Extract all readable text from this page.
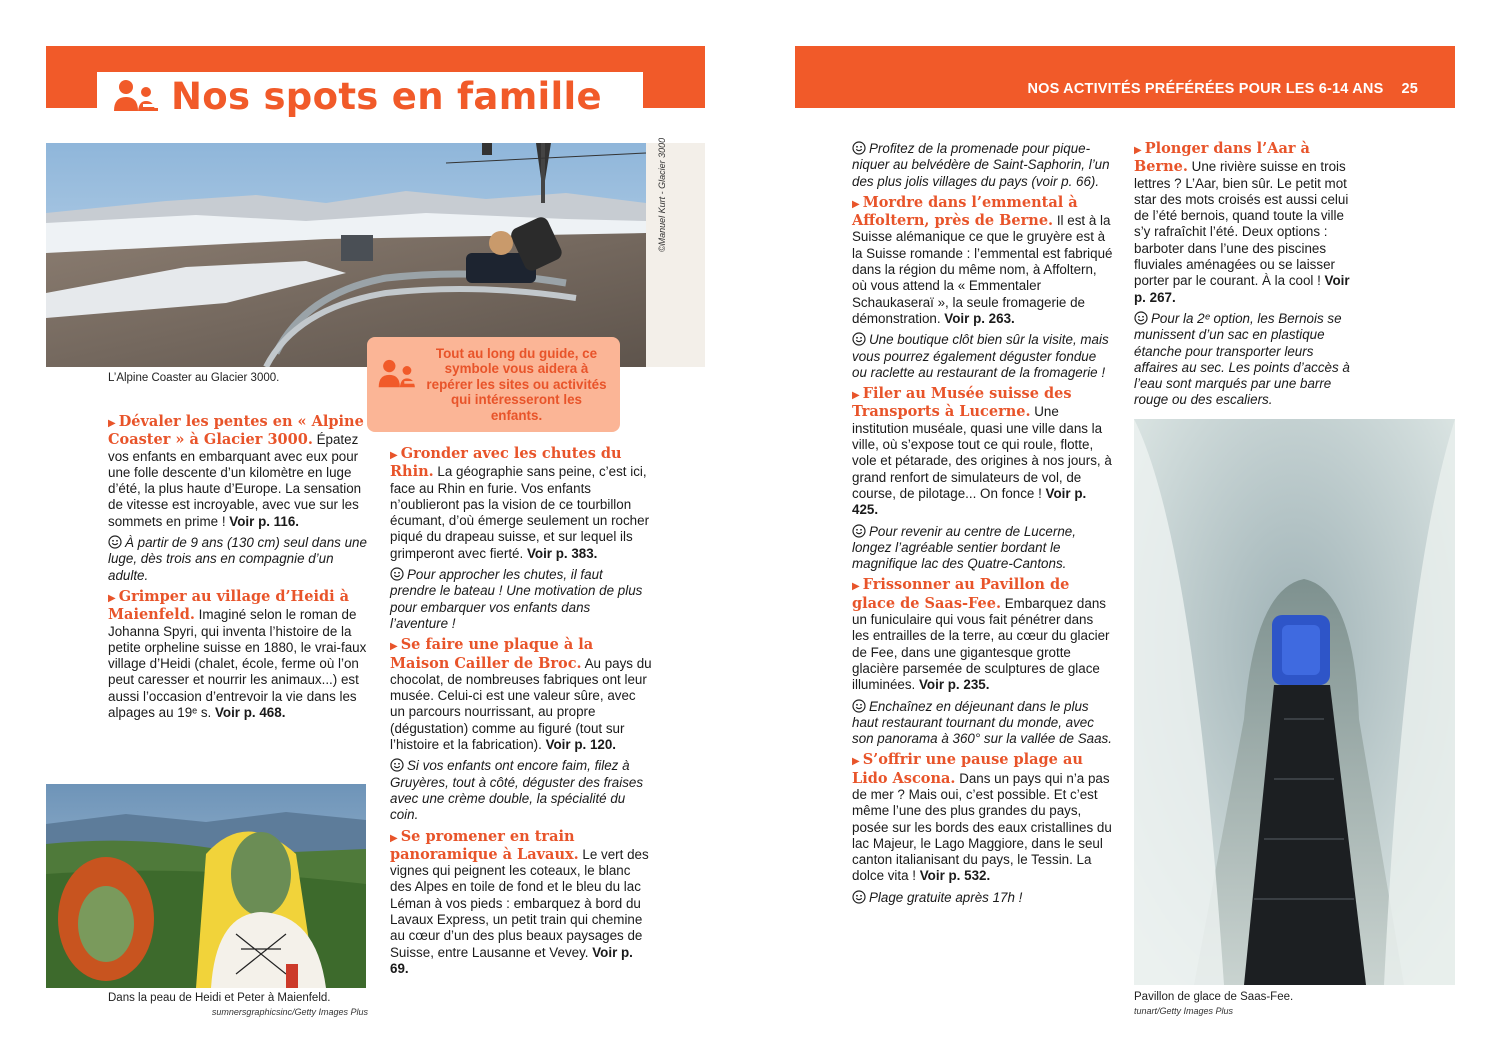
Nos spots en famille	NOS ACTIVITÉS PRÉFÉRÉES POUR LES 6-14 ANS 25
©Manuel Kurt - Glacier 3000
L’Alpine Coaster au Glacier 3000.
Tout au long du guide, ce symbole vous aidera à repérer les sites ou activités qui intéresseront les enfants.
▶ Dévaler les pentes en « Alpine Coaster » à Glacier 3000. Épatez vos enfants en embarquant avec eux pour une folle descente d’un kilomètre en luge d’été, la plus haute d’Europe. La sensation de vitesse est incroyable, avec vue sur les sommets en prime ! Voir p. 116.
À partir de 9 ans (130 cm) seul dans une luge, dès trois ans en compagnie d’un adulte.
▶ Grimper au village d’Heidi à Maienfeld. Imaginé selon le roman de Johanna Spyri, qui inventa l’histoire de la petite orpheline suisse en 1880, le vrai-faux village d’Heidi (chalet, école, ferme où l’on peut caresser et nourrir les animaux...) est aussi l’occasion d’entrevoir la vie dans les alpages au 19ᵉ s. Voir p. 468.
Dans la peau de Heidi et Peter à Maienfeld.
sumnersgraphicsinc/Getty Images Plus
▶ Gronder avec les chutes du Rhin. La géographie sans peine, c’est ici, face au Rhin en furie. Vos enfants n’oublieront pas la vision de ce tourbillon écumant, d’où émerge seulement un rocher piqué du drapeau suisse, et sur lequel ils grimperont avec fierté. Voir p. 383.
Pour approcher les chutes, il faut prendre le bateau ! Une motivation de plus pour embarquer vos enfants dans l’aventure !
▶ Se faire une plaque à la Maison Cailler de Broc. Au pays du chocolat, de nombreuses fabriques ont leur musée. Celui-ci est une valeur sûre, avec un parcours nourrissant, au propre (dégustation) comme au figuré (tout sur l’histoire et la fabrication). Voir p. 120.
Si vos enfants ont encore faim, filez à Gruyères, tout à côté, déguster des fraises avec une crème double, la spécialité du coin.
▶ Se promener en train panoramique à Lavaux. Le vert des vignes qui peignent les coteaux, le blanc des Alpes en toile de fond et le bleu du lac Léman à vos pieds : embarquez à bord du Lavaux Express, un petit train qui chemine au cœur d’un des plus beaux paysages de Suisse, entre Lausanne et Vevey. Voir p. 69.
Profitez de la promenade pour pique-niquer au belvédère de Saint-Saphorin, l’un des plus jolis villages du pays (voir p. 66).
▶ Mordre dans l’emmental à Affoltern, près de Berne. Il est à la Suisse alémanique ce que le gruyère est à la Suisse romande : l’emmental est fabriqué dans la région du même nom, à Affoltern, où vous attend la « Emmentaler Schaukaseraï », la seule fromagerie de démonstration. Voir p. 263.
Une boutique clôt bien sûr la visite, mais vous pourrez également déguster fondue ou raclette au restaurant de la fromagerie !
▶ Filer au Musée suisse des Transports à Lucerne. Une institution muséale, quasi une ville dans la ville, où s’expose tout ce qui roule, flotte, vole et pétarade, des origines à nos jours, à grand renfort de simulateurs de vol, de course, de pilotage... On fonce ! Voir p. 425.
Pour revenir au centre de Lucerne, longez l’agréable sentier bordant le magnifique lac des Quatre-Cantons.
▶ Frissonner au Pavillon de glace de Saas-Fee. Embarquez dans un funiculaire qui vous fait pénétrer dans les entrailles de la terre, au cœur du glacier de Fee, dans une gigantesque grotte glacière parsemée de sculptures de glace illuminées. Voir p. 235.
Enchaînez en déjeunant dans le plus haut restaurant tournant du monde, avec son panorama à 360° sur la vallée de Saas.
▶ S’offrir une pause plage au Lido Ascona. Dans un pays qui n’a pas de mer ? Mais oui, c’est possible. Et c’est même l’une des plus grandes du pays, posée sur les bords des eaux cristallines du lac Majeur, le Lago Maggiore, dans le seul canton italianisant du pays, le Tessin. La dolce vita ! Voir p. 532.
Plage gratuite après 17h !
▶ Plonger dans l’Aar à Berne. Une rivière suisse en trois lettres ? L’Aar, bien sûr. Le petit mot star des mots croisés est aussi celui de l’été bernois, quand toute la ville s’y rafraîchit l’été. Deux options : barboter dans l’une des piscines fluviales aménagées ou se laisser porter par le courant. À la cool ! Voir p. 267.
Pour la 2ᵉ option, les Bernois se munissent d’un sac en plastique étanche pour transporter leurs affaires au sec. Les points d’accès à l’eau sont marqués par une barre rouge ou des escaliers.
Pavillon de glace de Saas-Fee.
tunart/Getty Images Plus
